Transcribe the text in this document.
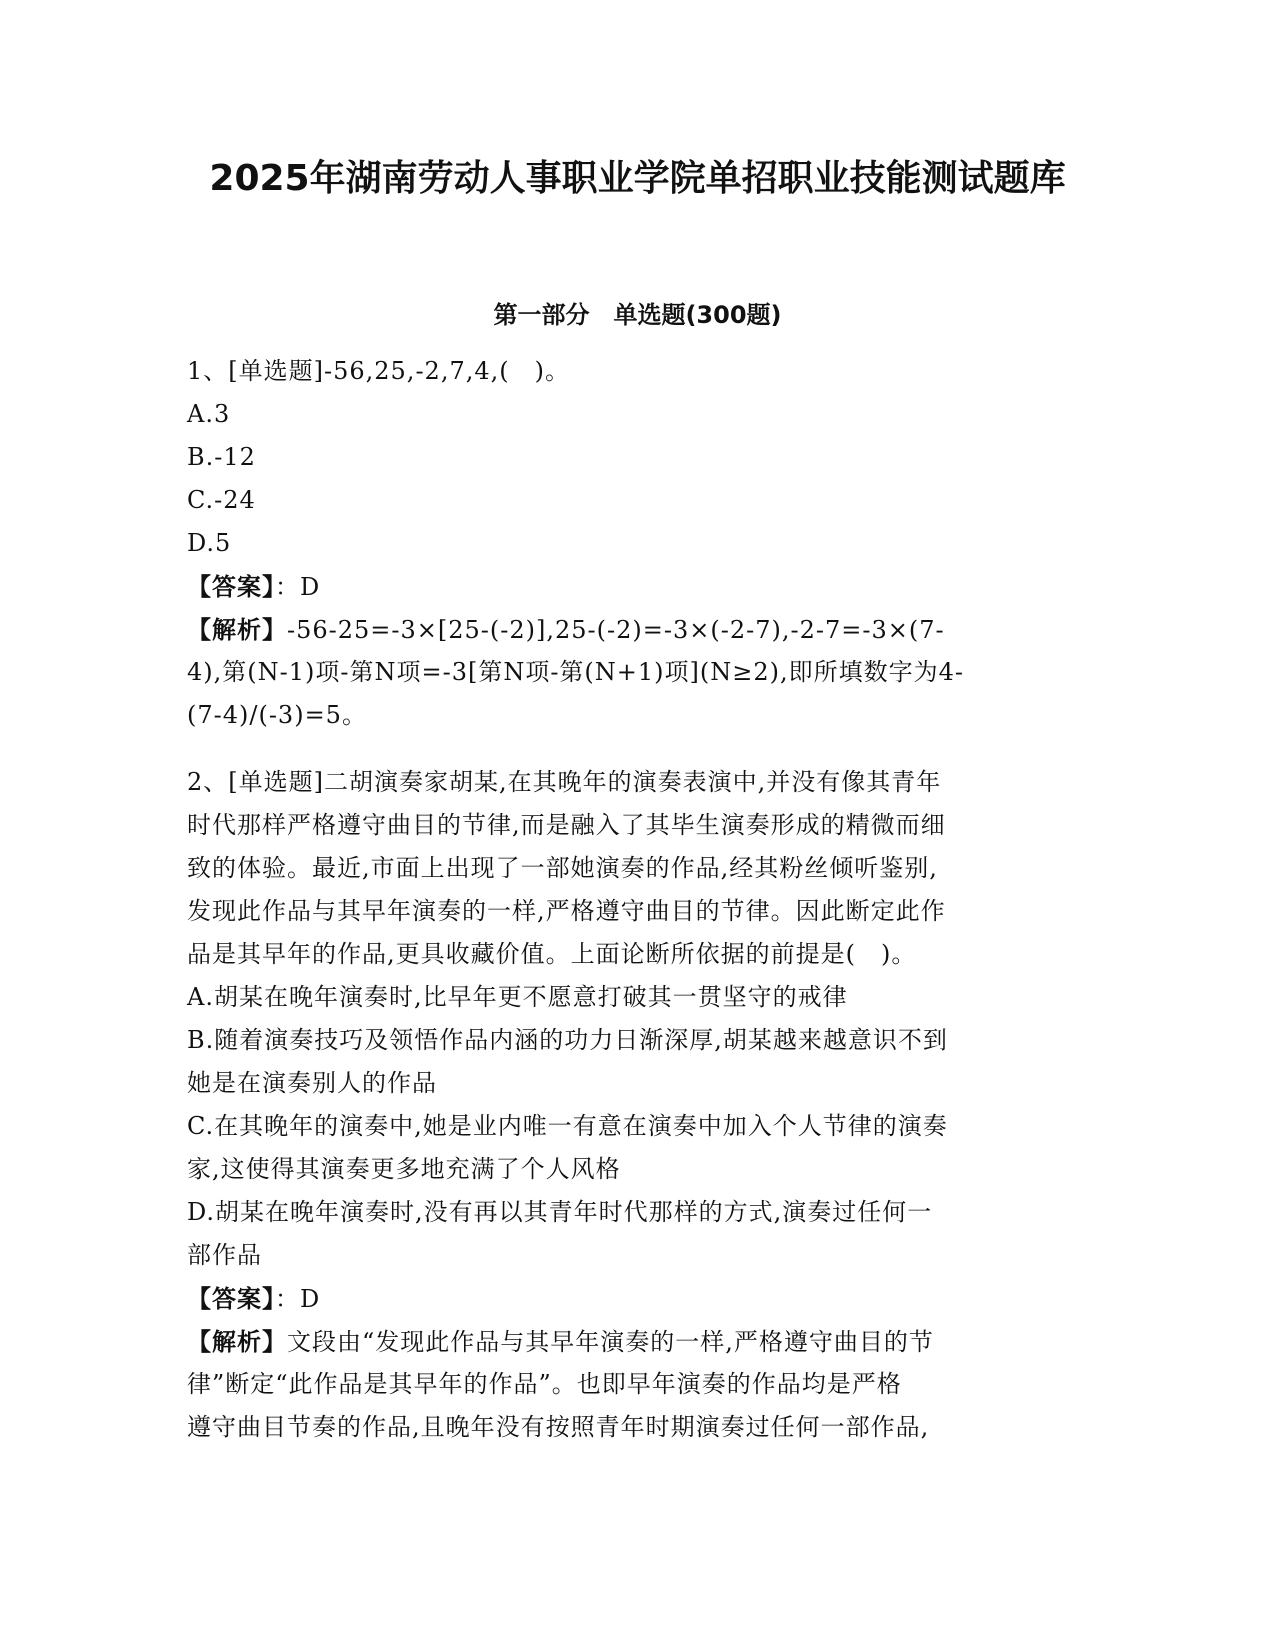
2025年湖南劳动人事职业学院单招职业技能测试题库
第一部分　单选题(300题)
1、[单选题]-56,25,-2,7,4,(　)。
A.3
B.-12
C.-24
D.5
【答案】：D
【解析】-56-25=-3×[25-(-2)],25-(-2)=-3×(-2-7),-2-7=-3×(7-
4),第(N-1)项-第N项=-3[第N项-第(N+1)项](N≥2),即所填数字为4-
(7-4)/(-3)=5。
2、[单选题]二胡演奏家胡某,在其晚年的演奏表演中,并没有像其青年
时代那样严格遵守曲目的节律,而是融入了其毕生演奏形成的精微而细
致的体验。最近,市面上出现了一部她演奏的作品,经其粉丝倾听鉴别,
发现此作品与其早年演奏的一样,严格遵守曲目的节律。因此断定此作
品是其早年的作品,更具收藏价值。上面论断所依据的前提是(　)。
A.胡某在晚年演奏时,比早年更不愿意打破其一贯坚守的戒律
B.随着演奏技巧及领悟作品内涵的功力日渐深厚,胡某越来越意识不到
她是在演奏别人的作品
C.在其晚年的演奏中,她是业内唯一有意在演奏中加入个人节律的演奏
家,这使得其演奏更多地充满了个人风格
D.胡某在晚年演奏时,没有再以其青年时代那样的方式,演奏过任何一
部作品
【答案】：D
【解析】文段由“发现此作品与其早年演奏的一样,严格遵守曲目的节
律”断定“此作品是其早年的作品”。也即早年演奏的作品均是严格
遵守曲目节奏的作品,且晚年没有按照青年时期演奏过任何一部作品,
